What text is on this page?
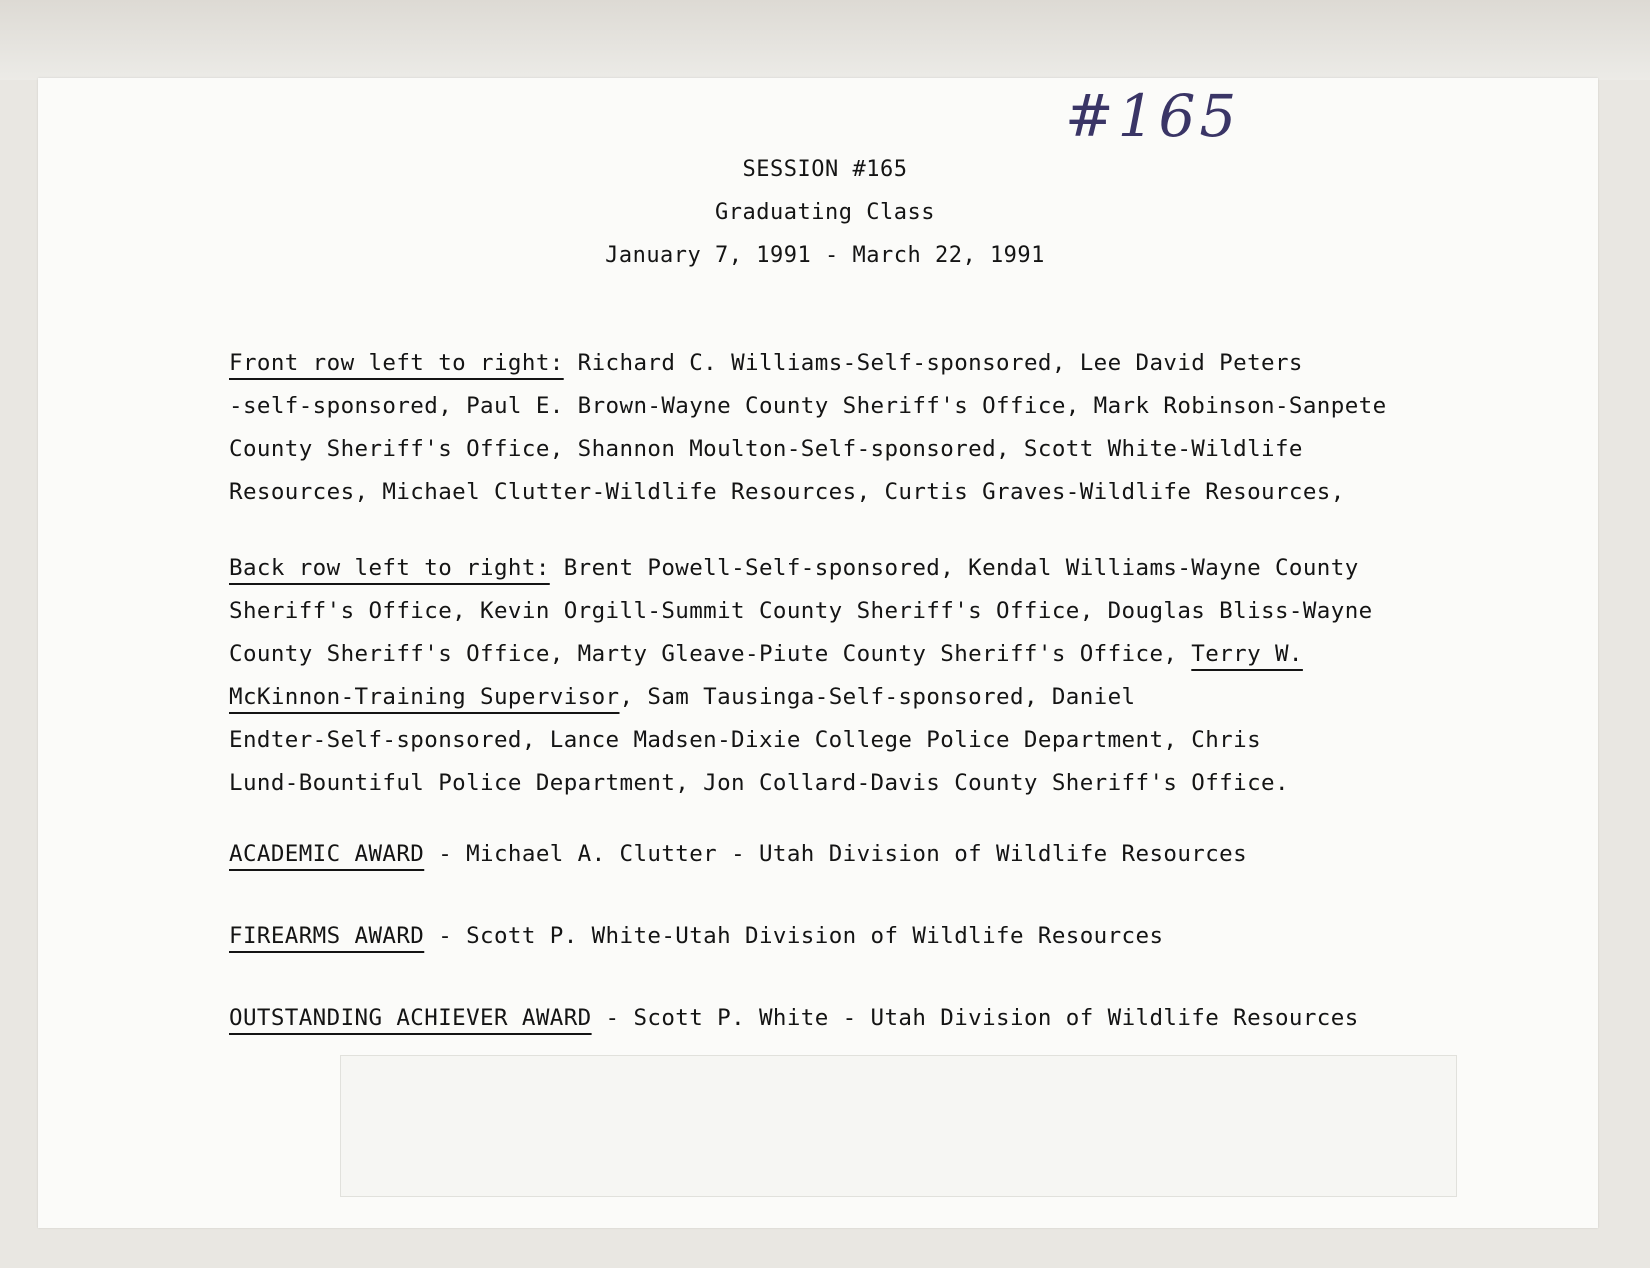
#165
SESSION #165
Graduating Class
January 7, 1991 - March 22, 1991
Front row left to right: Richard C. Williams-Self-sponsored, Lee David Peters
-self-sponsored, Paul E. Brown-Wayne County Sheriff's Office, Mark Robinson-Sanpete
County Sheriff's Office, Shannon Moulton-Self-sponsored, Scott White-Wildlife
Resources, Michael Clutter-Wildlife Resources, Curtis Graves-Wildlife Resources,
Back row left to right: Brent Powell-Self-sponsored, Kendal Williams-Wayne County
Sheriff's Office, Kevin Orgill-Summit County Sheriff's Office, Douglas Bliss-Wayne
County Sheriff's Office, Marty Gleave-Piute County Sheriff's Office, Terry W.
McKinnon-Training Supervisor, Sam Tausinga-Self-sponsored, Daniel
Endter-Self-sponsored, Lance Madsen-Dixie College Police Department, Chris
Lund-Bountiful Police Department, Jon Collard-Davis County Sheriff's Office.
ACADEMIC AWARD - Michael A. Clutter - Utah Division of Wildlife Resources
FIREARMS AWARD - Scott P. White-Utah Division of Wildlife Resources
OUTSTANDING ACHIEVER AWARD - Scott P. White - Utah Division of Wildlife Resources
